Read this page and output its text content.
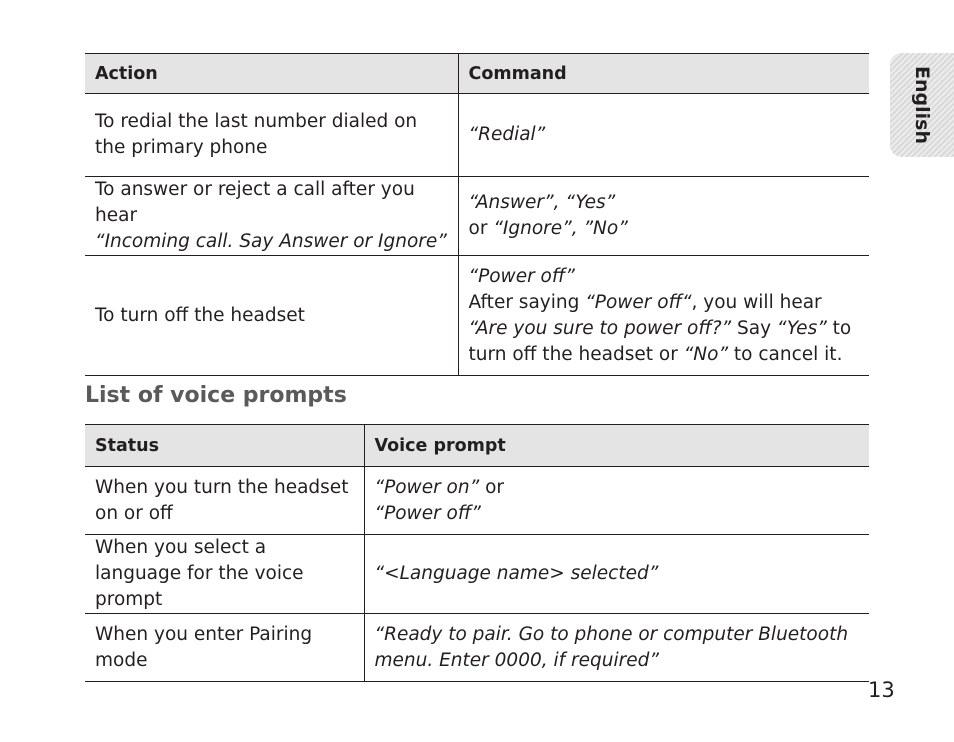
English
Action	Command
To redial the last number dialed on the primary phone	“Redial”

To answer or reject a call after you hear
“Incoming call. Say Answer or Ignore”	“Answer”, “Yes”
or “Ignore”, ”No”

To turn off the headset	“Power off”
After saying “Power off“, you will hear “Are you sure to power off?” Say “Yes” to turn off the headset or “No” to cancel it.
List of voice prompts
Status	Voice prompt
When you turn the headset on or off	“Power on” or
“Power off”

When you select a language for the voice prompt	“<Language name> selected”
When you enter Pairing mode	“Ready to pair. Go to phone or computer Bluetooth menu. Enter 0000, if required”
13
